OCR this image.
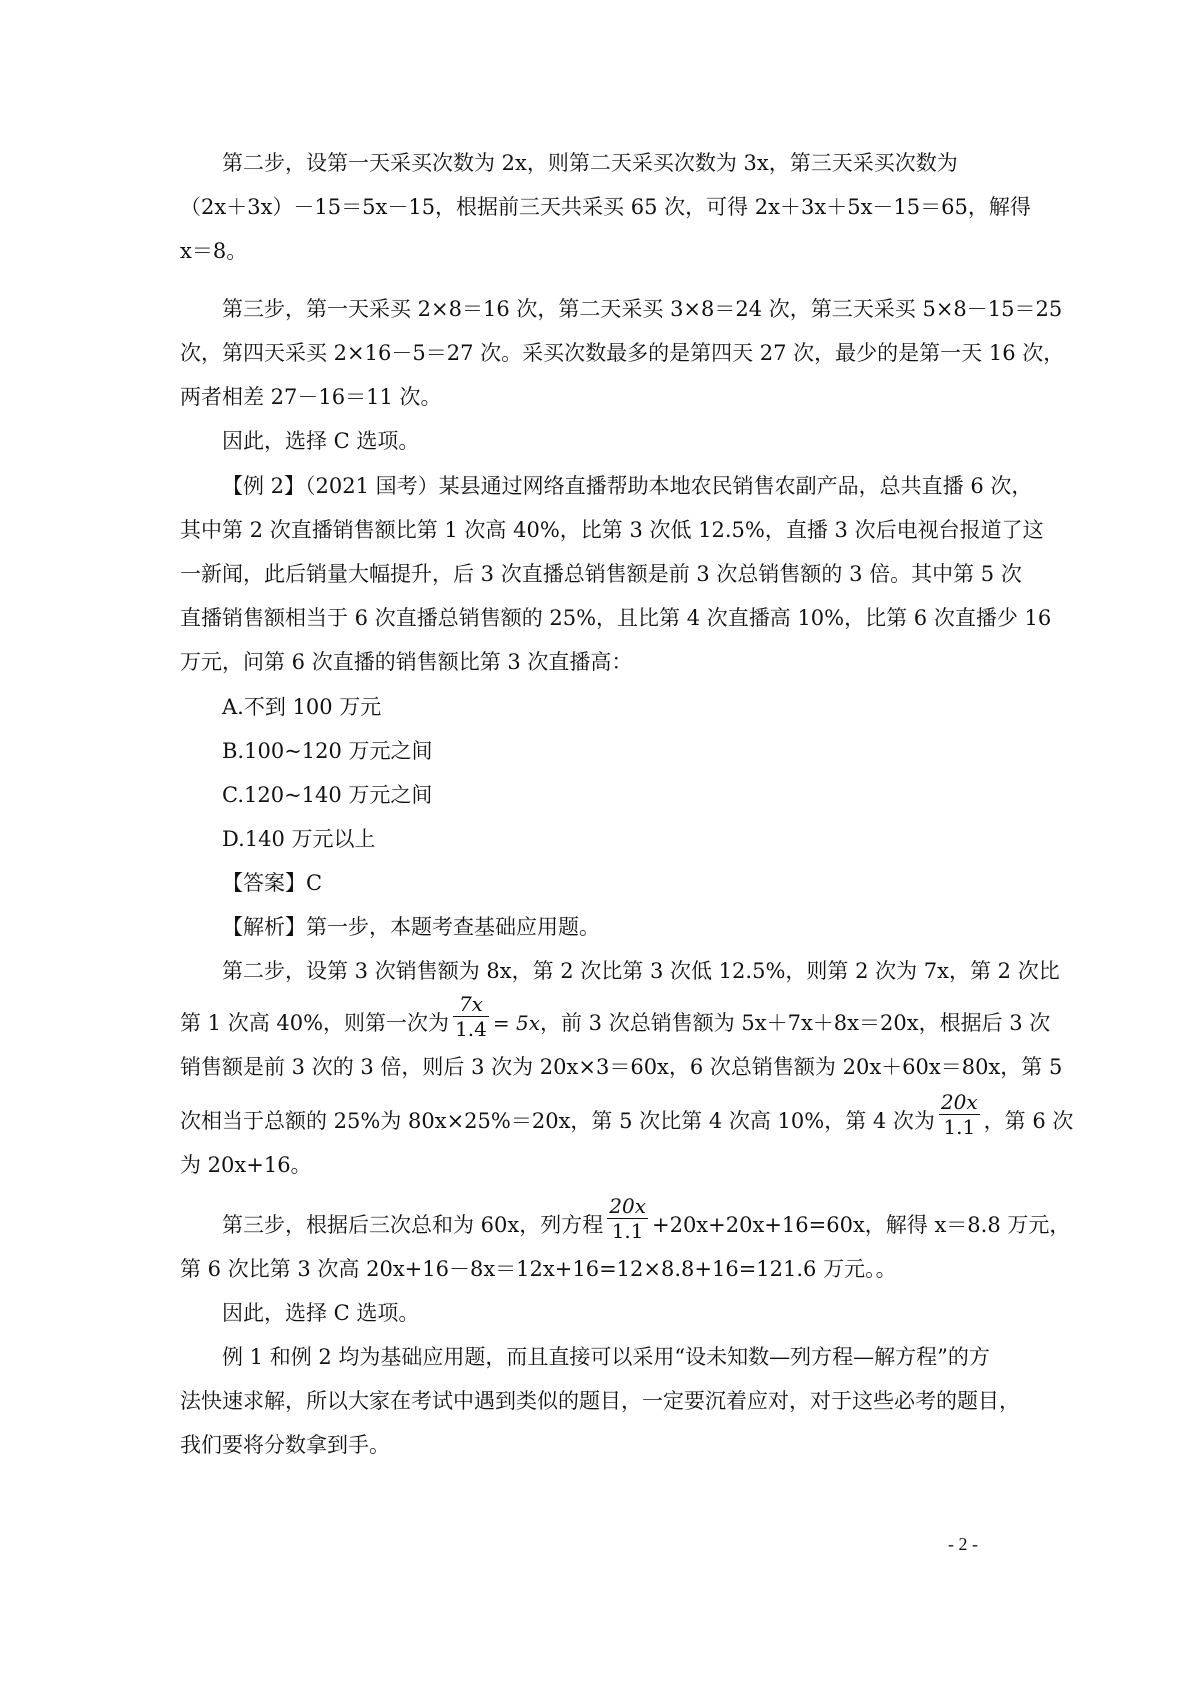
第二步，设第一天采买次数为 2x，则第二天采买次数为 3x，第三天采买次数为

（2x＋3x）－15＝5x－15，根据前三天共采买 65 次，可得 2x＋3x＋5x－15＝65，解得

x＝8。

第三步，第一天采买 2×8＝16 次，第二天采买 3×8＝24 次，第三天采买 5×8－15＝25

次，第四天采买 2×16－5＝27 次。采买次数最多的是第四天 27 次，最少的是第一天 16 次，

两者相差 27－16＝11 次。

因此，选择 C 选项。

【例 2】（2021 国考）某县通过网络直播帮助本地农民销售农副产品，总共直播 6 次，

其中第 2 次直播销售额比第 1 次高 40%，比第 3 次低 12.5%，直播 3 次后电视台报道了这

一新闻，此后销量大幅提升，后 3 次直播总销售额是前 3 次总销售额的 3 倍。其中第 5 次

直播销售额相当于 6 次直播总销售额的 25%，且比第 4 次直播高 10%，比第 6 次直播少 16

万元，问第 6 次直播的销售额比第 3 次直播高：

A.不到 100 万元

B.100~120 万元之间

C.120~140 万元之间

D.140 万元以上

【答案】C

【解析】第一步，本题考查基础应用题。

第二步，设第 3 次销售额为 8x，第 2 次比第 3 次低 12.5%，则第 2 次为 7x，第 2 次比

第 1 次高 40%，则第一次为 $\frac{7x}{1.4} = 5x$，前 3 次总销售额为 5x＋7x＋8x＝20x，根据后 3 次

销售额是前 3 次的 3 倍，则后 3 次为 20x×3＝60x，6 次总销售额为 20x＋60x＝80x，第 5

次相当于总额的 25%为 80x×25%＝20x，第 5 次比第 4 次高 10%，第 4 次为 $\frac{20x}{1.1}$ ，第 6 次

为 20x+16。

第三步，根据后三次总和为 60x，列方程 $\frac{20x}{1.1} +20x+20x+16=60x$，解得 x＝8.8 万元，

第 6 次比第 3 次高 20x+16－8x＝12x+16=12×8.8+16=121.6 万元。。

因此，选择 C 选项。

例 1 和例 2 均为基础应用题，而且直接可以采用“设未知数—列方程—解方程”的方

法快速求解，所以大家在考试中遇到类似的题目，一定要沉着应对，对于这些必考的题目，

我们要将分数拿到手。

- 2 -
